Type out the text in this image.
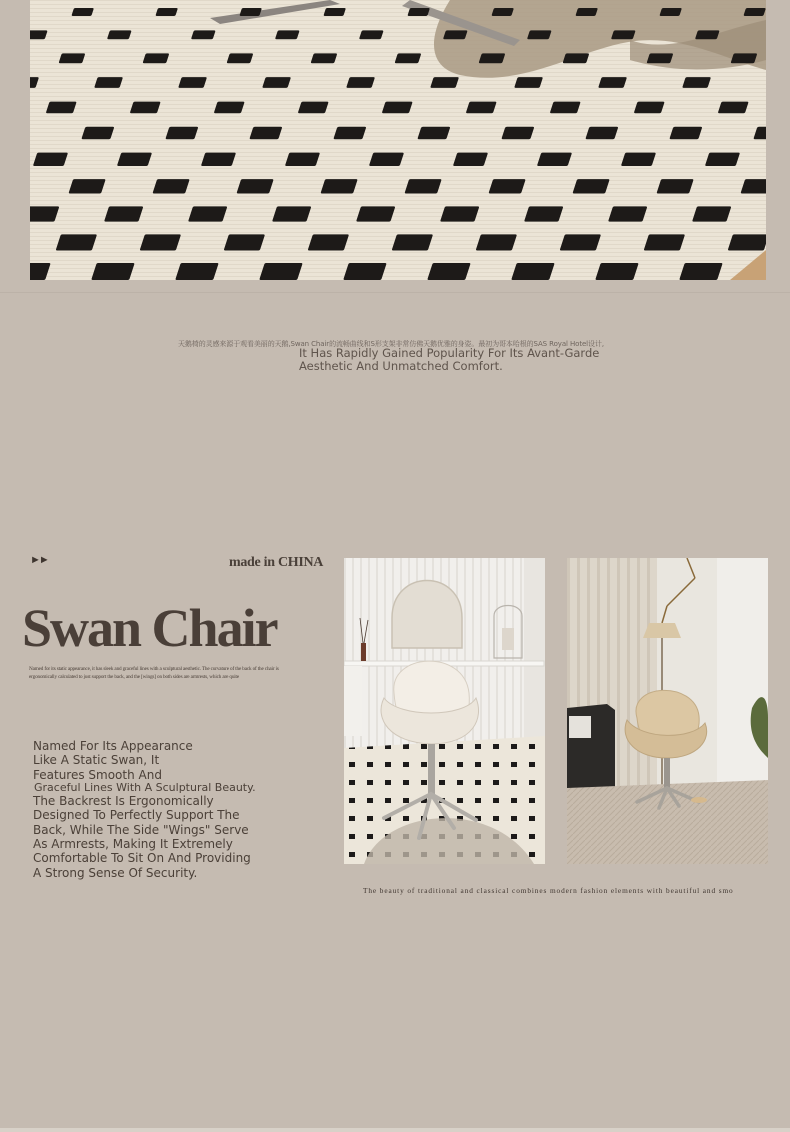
天鹅椅的灵感来源于观看美丽的天鹅,Swan Chair的流畅曲线和S形支架非常仿佛天鹅优雅的身姿。最初为哥本哈根的SAS Royal Hotel设计,
It Has Rapidly Gained Popularity For Its Avant-Garde Aesthetic And Unmatched Comfort.
►►	made in CHINA
Swan Chair
Named for its static appearance, it has sleek and graceful lines with a sculptural aesthetic. The curvature of the back of the chair is ergonomically calculated to just support the back, and the [wings] on both sides are armrests, which are quite

Named For Its Appearance

Like A Static Swan, It

Features Smooth And

Graceful Lines With A Sculptural Beauty.

The Backrest Is Ergonomically Designed To Perfectly Support The Back, While The Side "Wings" Serve As Armrests, Making It Extremely Comfortable To Sit On And Providing A Strong Sense Of Security.

The beauty of traditional and classical combines modern fashion elements with beautiful and smo
